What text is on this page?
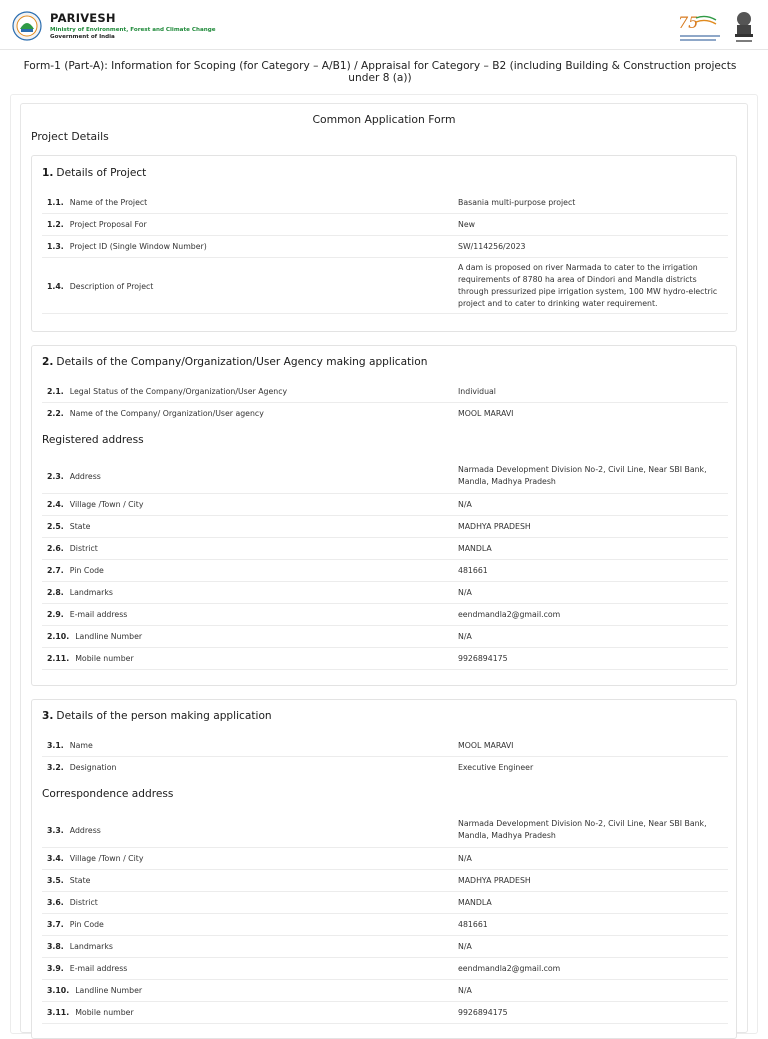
PARIVESH
Ministry of Environment, Forest and Climate Change
Government of India
75
Form-1 (Part-A): Information for Scoping (for Category – A/B1) / Appraisal for Category – B2 (including Building & Construction projects
under 8 (a))
Common Application Form
Project Details
1. Details of Project
1.1. Name of the Project	Basania multi-purpose project
1.2. Project Proposal For	New
1.3. Project ID (Single Window Number)	SW/114256/2023
1.4. Description of Project
A dam is proposed on river Narmada to cater to the irrigation requirements of 8780 ha area of Dindori and Mandla districts through pressurized pipe irrigation system, 100 MW hydro-electric project and to cater to drinking water requirement.
2. Details of the Company/Organization/User Agency making application
2.1. Legal Status of the Company/Organization/User Agency	Individual
2.2. Name of the Company/ Organization/User agency	MOOL MARAVI
Registered address
2.3. Address
Narmada Development Division No-2, Civil Line, Near SBI Bank, Mandla, Madhya Pradesh
2.4. Village /Town / City	N/A
2.5. State	MADHYA PRADESH
2.6. District	MANDLA
2.7. Pin Code	481661
2.8. Landmarks	N/A
2.9. E-mail address	eendmandla2@gmail.com
2.10. Landline Number	N/A
2.11. Mobile number	9926894175
3. Details of the person making application
3.1. Name	MOOL MARAVI
3.2. Designation	Executive Engineer
Correspondence address
3.3. Address
Narmada Development Division No-2, Civil Line, Near SBI Bank, Mandla, Madhya Pradesh
3.4. Village /Town / City	N/A
3.5. State	MADHYA PRADESH
3.6. District	MANDLA
3.7. Pin Code	481661
3.8. Landmarks	N/A
3.9. E-mail address	eendmandla2@gmail.com
3.10. Landline Number	N/A
3.11. Mobile number	9926894175
